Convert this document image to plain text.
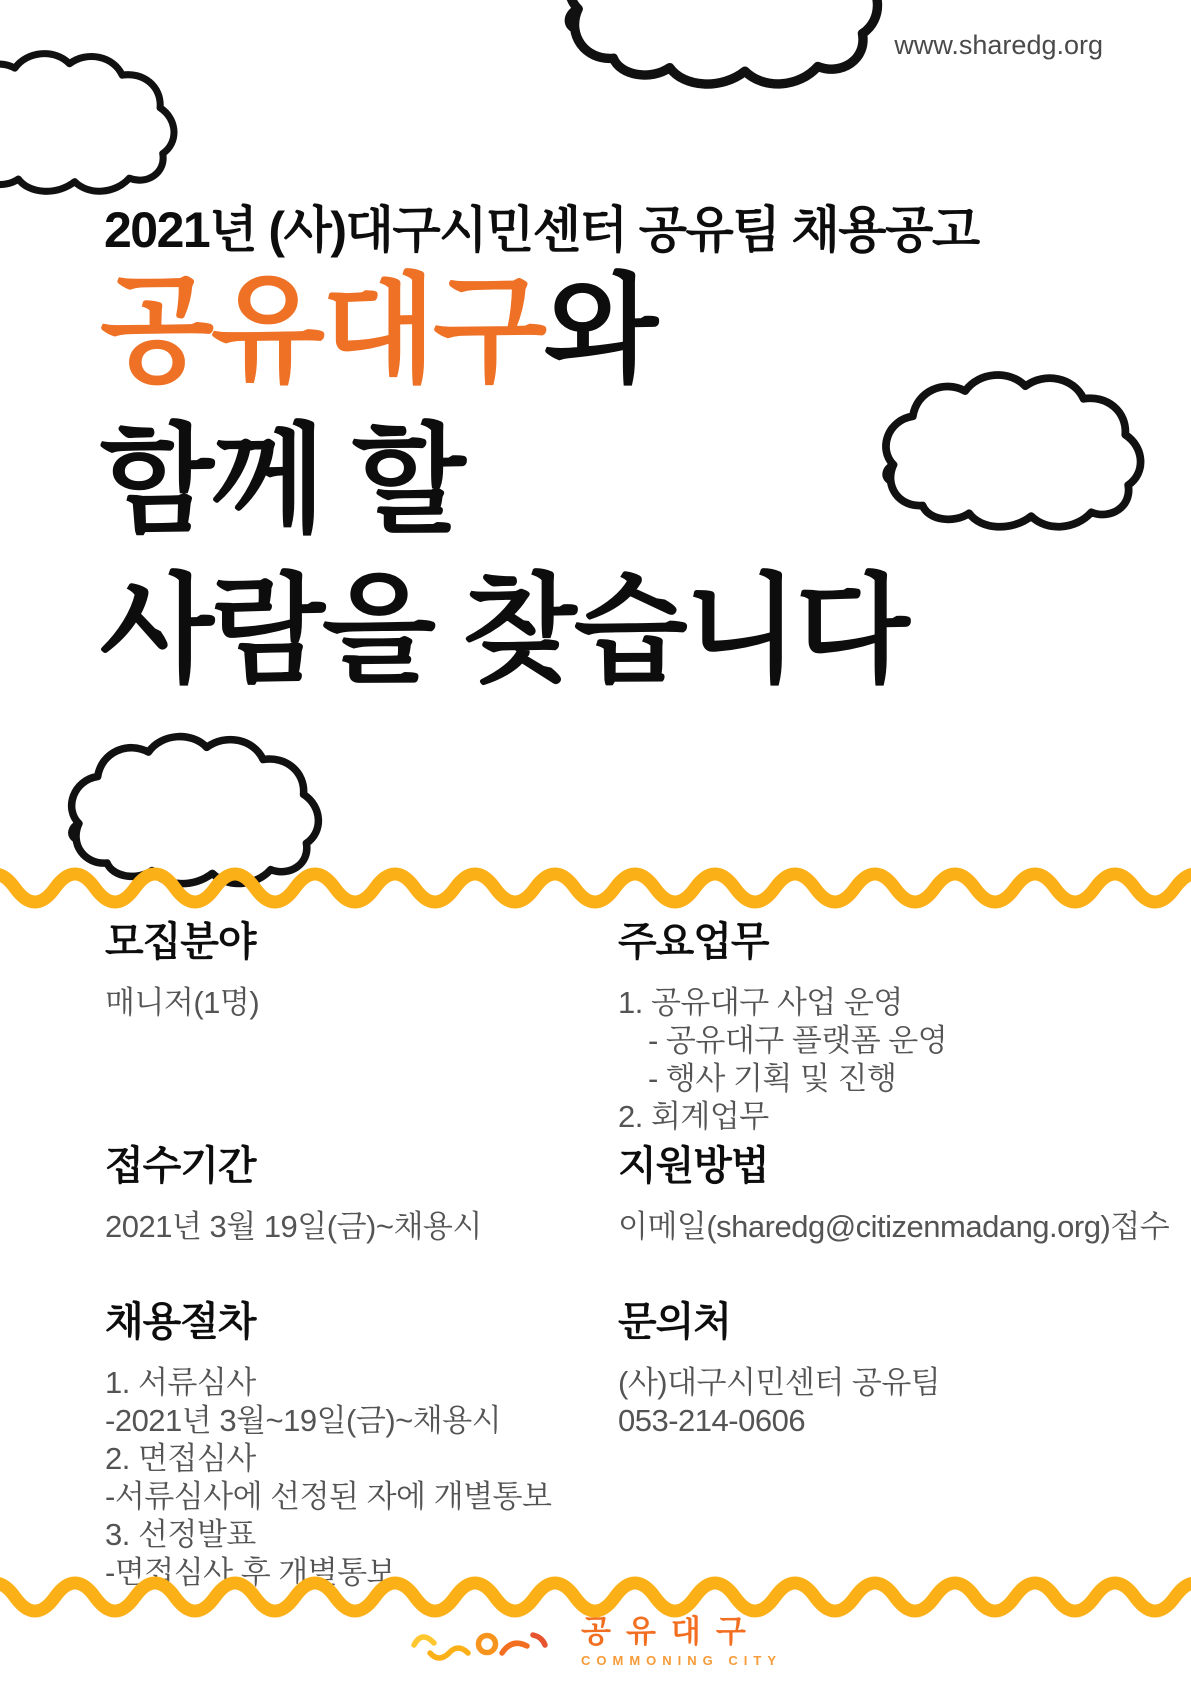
www.sharedg.org
2021년 (사)대구시민센터 공유팀 채용공고
공유대구와
함께 할
사람을 찾습니다
모집분야

매니저(1명)

주요업무

1. 공유대구 사업 운영

- 공유대구 플랫폼 운영

- 행사 기획 및 진행

2. 회계업무

접수기간

2021년 3월 19일(금)~채용시

지원방법

이메일(sharedg@citizenmadang.org)접수

채용절차

1. 서류심사

-2021년 3월~19일(금)~채용시

2. 면접심사

-서류심사에 선정된 자에 개별통보

3. 선정발표

-면접심사 후 개별통보

문의처

(사)대구시민센터 공유팀

053-214-0606

공유대구
COMMONING CITY
